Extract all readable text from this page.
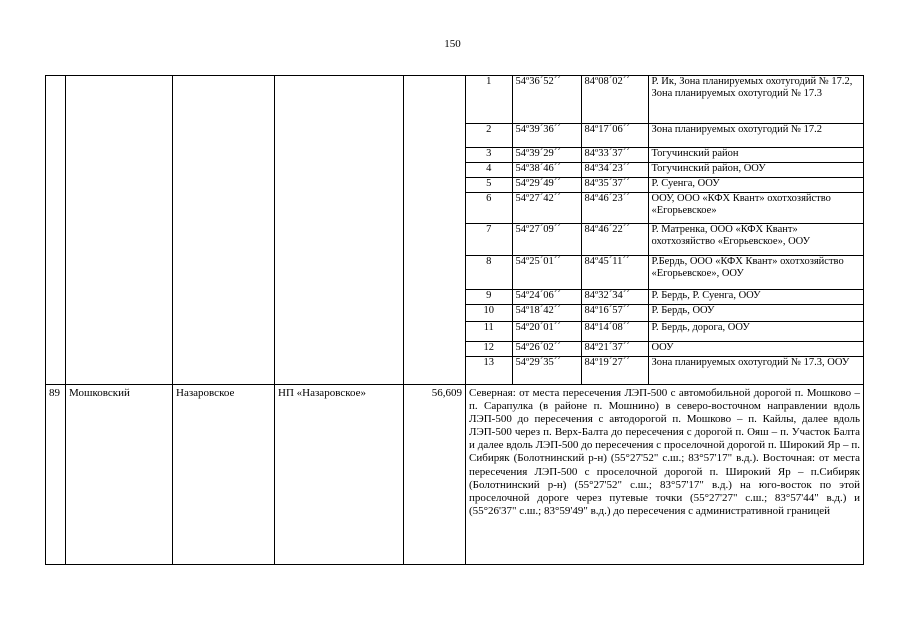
150

1	54º36´52´´	84º08´02´´	Р. Ик, Зона планируемых охотугодий № 17.2, Зона планируемых охотугодий № 17.3
2	54º39´36´´	84º17´06´´	Зона планируемых охотугодий № 17.2
3	54º39´29´´	84º33´37´´	Тогучинский район
4	54º38´46´´	84º34´23´´	Тогучинский район, ООУ
5	54º29´49´´	84º35´37´´	Р. Суенга, ООУ
6	54º27´42´´	84º46´23´´	ООУ, ООО «КФХ Квант» охотхозяйство «Егорьевское»
7	54º27´09´´	84º46´22´´	Р. Матренка, ООО «КФХ Квант» охотхозяйство «Егорьевское», ООУ
8	54º25´01´´	84º45´11´´	Р.Бердь, ООО «КФХ Квант» охотхозяйство «Егорьевское», ООУ
9	54º24´06´´	84º32´34´´	Р. Бердь, Р. Суенга, ООУ
10	54º18´42´´	84º16´57´´	Р. Бердь, ООУ
11	54º20´01´´	84º14´08´´	Р. Бердь, дорога, ООУ
12	54º26´02´´	84º21´37´´	ООУ
13	54º29´35´´	84º19´27´´	Зона планируемых охотугодий № 17.3, ООУ

89	Мошковский	Назаровское	НП «Назаровское»	56,609	Северная: от места пересечения ЛЭП-500 с автомобильной дорогой п. Мошково – п. Сарапулка (в районе п. Мошнино) в северо-восточном направлении вдоль ЛЭП-500 до пересечения с автодорогой п. Мошково – п. Кайлы, далее вдоль ЛЭП-500 через п. Верх-Балта до пересечения с дорогой п. Ояш – п. Участок Балта и далее вдоль ЛЭП-500 до пересечения с проселочной дорогой п. Широкий Яр – п. Сибиряк (Болотнинский р-н) (55°27'52" с.ш.; 83°57'17" в.д.). Восточная: от места пересечения ЛЭП-500 с проселочной дорогой п. Широкий Яр – п.Сибиряк (Болотнинский р-н) (55°27'52" с.ш.; 83°57'17" в.д.) на юго-восток по этой проселочной дороге через путевые точки (55°27'27" с.ш.; 83°57'44" в.д.) и (55°26'37" с.ш.; 83°59'49" в.д.) до пересечения с административной границей
